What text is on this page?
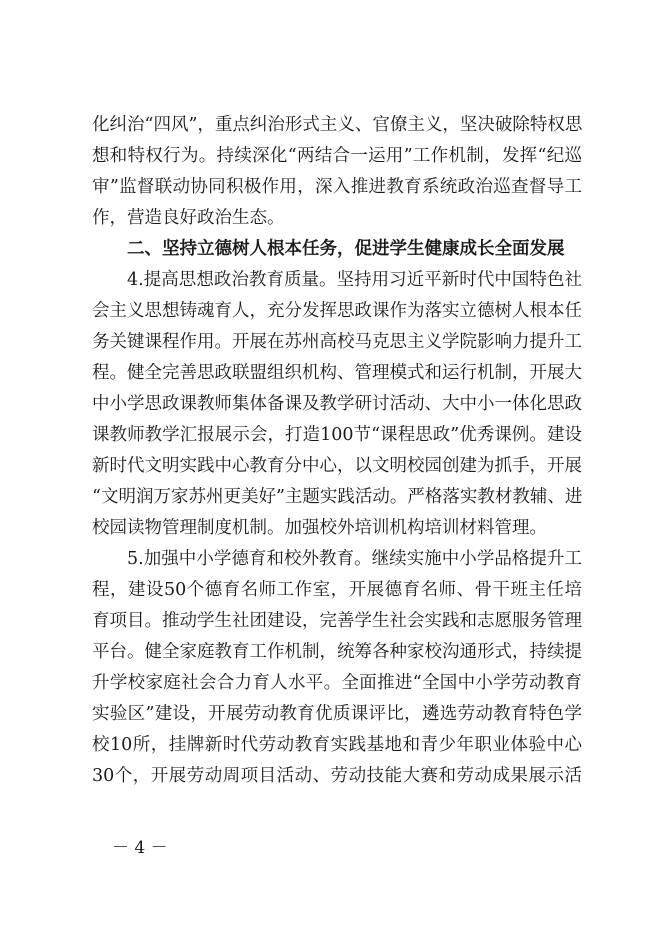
化纠治“四风”，重点纠治形式主义、官僚主义，坚决破除特权思
想和特权行为。持续深化“两结合一运用”工作机制，发挥“纪巡
审”监督联动协同积极作用，深入推进教育系统政治巡查督导工
作，营造良好政治生态。
二、坚持立德树人根本任务，促进学生健康成长全面发展
4.提高思想政治教育质量。坚持用习近平新时代中国特色社
会主义思想铸魂育人，充分发挥思政课作为落实立德树人根本任
务关键课程作用。开展在苏州高校马克思主义学院影响力提升工
程。健全完善思政联盟组织机构、管理模式和运行机制，开展大
中小学思政课教师集体备课及教学研讨活动、大中小一体化思政
课教师教学汇报展示会，打造100节“课程思政”优秀课例。建设
新时代文明实践中心教育分中心，以文明校园创建为抓手，开展
“文明润万家苏州更美好”主题实践活动。严格落实教材教辅、进
校园读物管理制度机制。加强校外培训机构培训材料管理。
5.加强中小学德育和校外教育。继续实施中小学品格提升工
程，建设50个德育名师工作室，开展德育名师、骨干班主任培
育项目。推动学生社团建设，完善学生社会实践和志愿服务管理
平台。健全家庭教育工作机制，统筹各种家校沟通形式，持续提
升学校家庭社会合力育人水平。全面推进“全国中小学劳动教育
实验区”建设，开展劳动教育优质课评比，遴选劳动教育特色学
校10所，挂牌新时代劳动教育实践基地和青少年职业体验中心
30个，开展劳动周项目活动、劳动技能大赛和劳动成果展示活
－ 4 －
